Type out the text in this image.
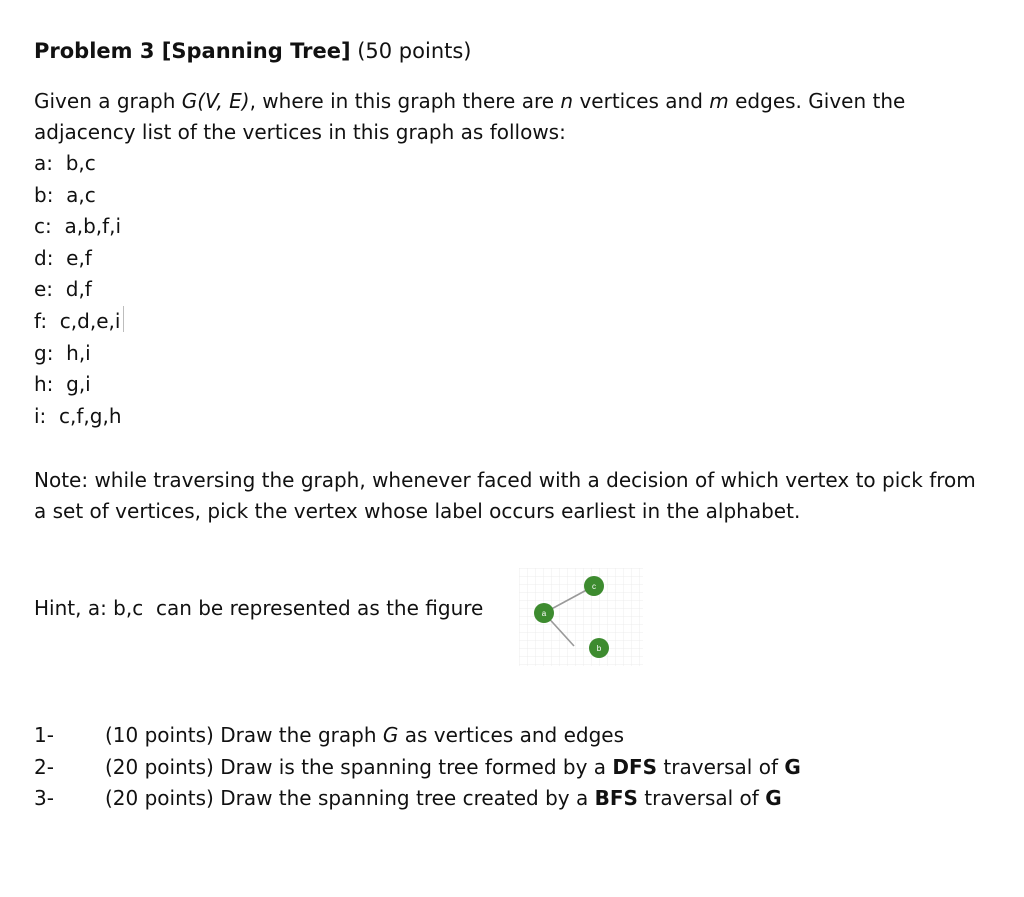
Problem 3 [Spanning Tree] (50 points)
Given a graph G(V, E), where in this graph there are n vertices and m edges. Given the adjacency list of the vertices in this graph as follows:
a:  b,c
b:  a,c
c:  a,b,f,i
d:  e,f
e:  d,f
f:  c,d,e,i
g:  h,i
h:  g,i
i:  c,f,g,h
Note: while traversing the graph, whenever faced with a decision of which vertex to pick from a set of vertices, pick the vertex whose label occurs earliest in the alphabet.
Hint, a: b,c  can be represented as the figure	a
c
b
1-	(10 points) Draw the graph G as vertices and edges
2-	(20 points) Draw is the spanning tree formed by a DFS traversal of G
3-	(20 points) Draw the spanning tree created by a BFS traversal of G
